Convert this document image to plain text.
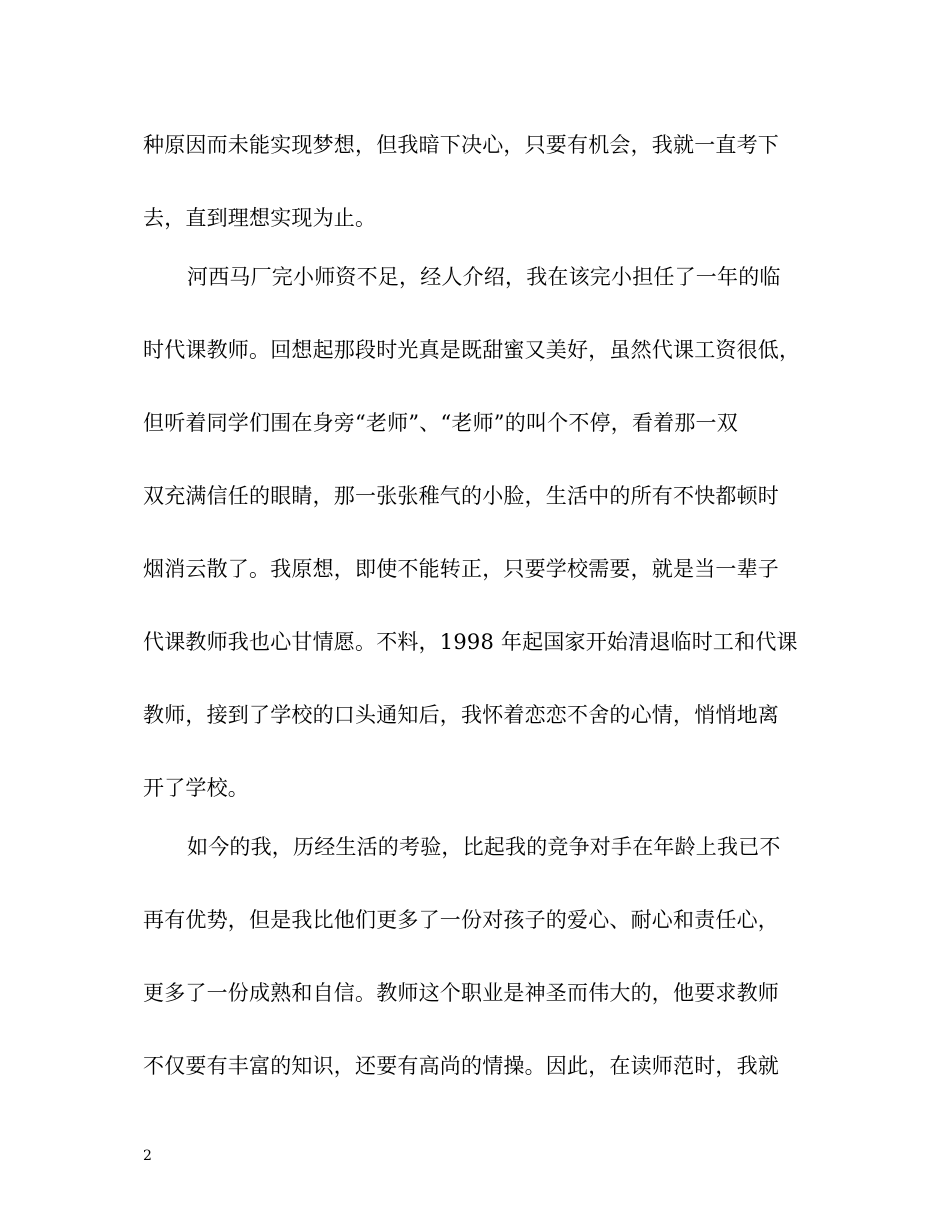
种原因而未能实现梦想，但我暗下决心，只要有机会，我就一直考下
去，直到理想实现为止。
河西马厂完小师资不足，经人介绍，我在该完小担任了一年的临
时代课教师。回想起那段时光真是既甜蜜又美好，虽然代课工资很低，
但听着同学们围在身旁“老师”、“老师”的叫个不停，看着那一双
双充满信任的眼睛，那一张张稚气的小脸，生活中的所有不快都顿时
烟消云散了。我原想，即使不能转正，只要学校需要，就是当一辈子
代课教师我也心甘情愿。不料，1998 年起国家开始清退临时工和代课
教师，接到了学校的口头通知后，我怀着恋恋不舍的心情，悄悄地离
开了学校。
如今的我，历经生活的考验，比起我的竞争对手在年龄上我已不
再有优势，但是我比他们更多了一份对孩子的爱心、耐心和责任心，
更多了一份成熟和自信。教师这个职业是神圣而伟大的，他要求教师
不仅要有丰富的知识，还要有高尚的情操。因此，在读师范时，我就
2
